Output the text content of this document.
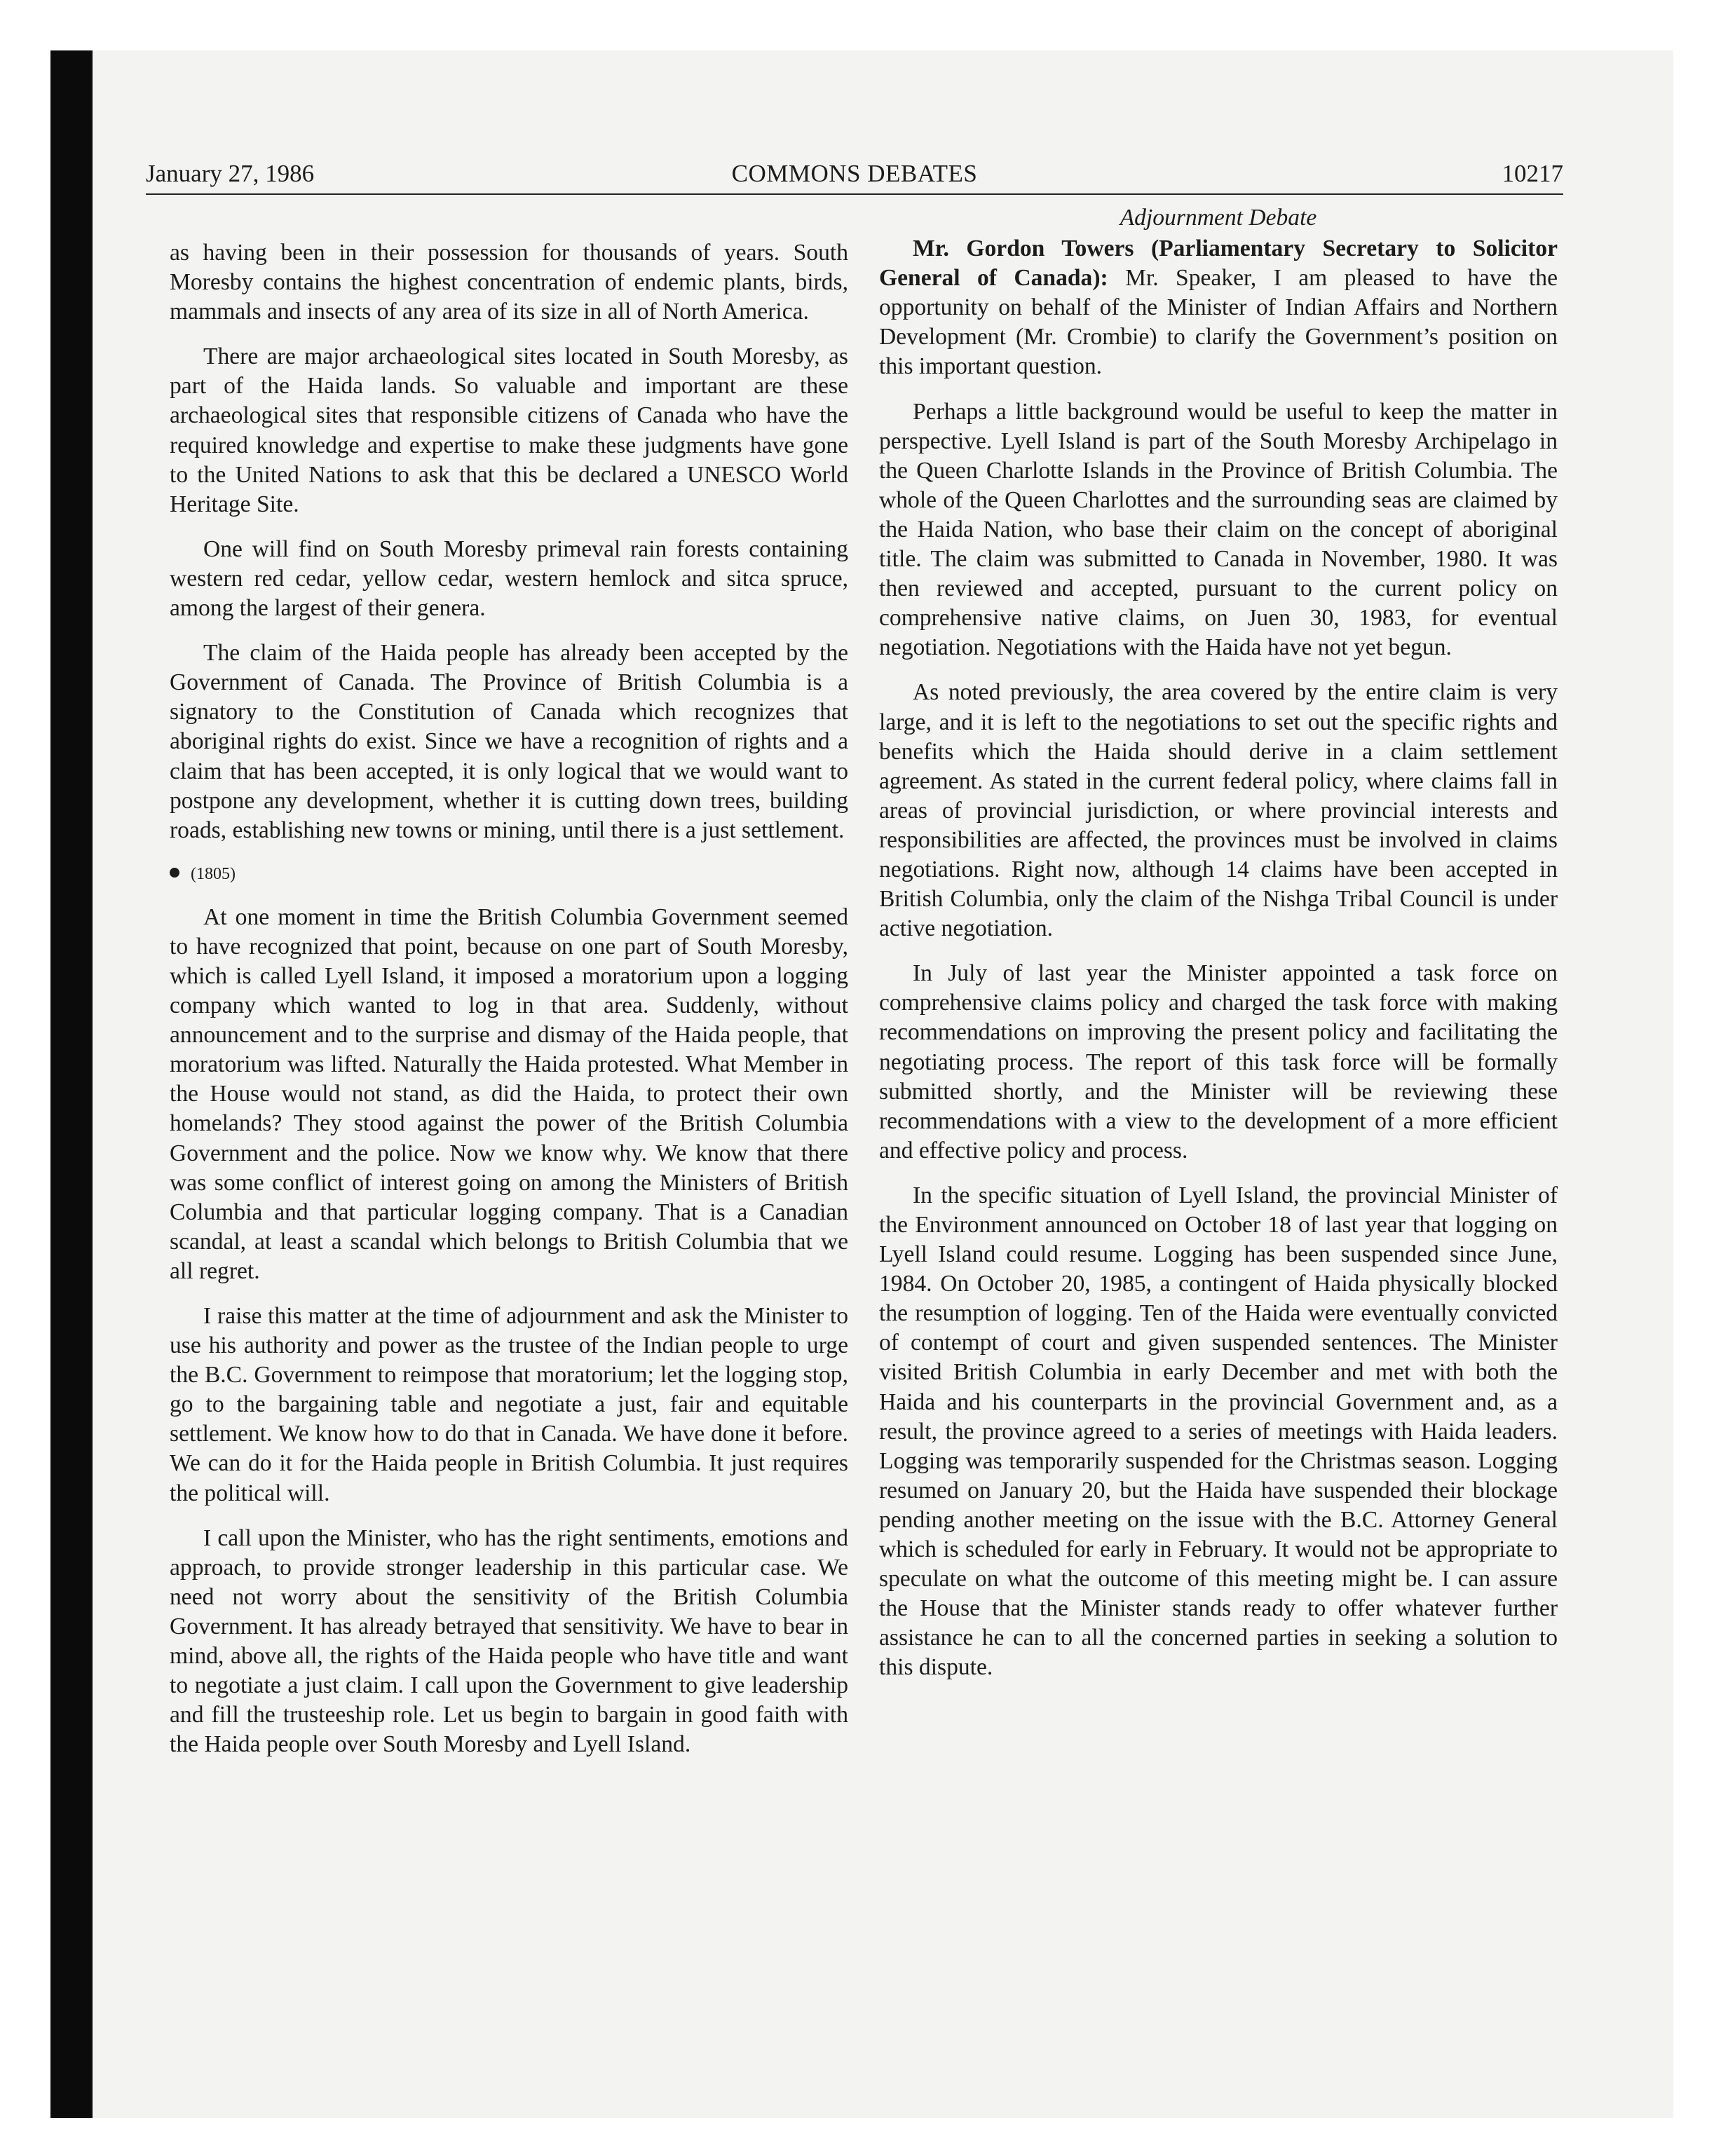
January 27, 1986	COMMONS DEBATES	10217

as having been in their possession for thousands of years. South Moresby contains the highest concentration of endemic plants, birds, mammals and insects of any area of its size in all of North America.

There are major archaeological sites located in South Moresby, as part of the Haida lands. So valuable and important are these archaeological sites that responsible citizens of Canada who have the required knowledge and expertise to make these judgments have gone to the United Nations to ask that this be declared a UNESCO World Heritage Site.

One will find on South Moresby primeval rain forests containing western red cedar, yellow cedar, western hemlock and sitca spruce, among the largest of their genera.

The claim of the Haida people has already been accepted by the Government of Canada. The Province of British Columbia is a signatory to the Constitution of Canada which recognizes that aboriginal rights do exist. Since we have a recognition of rights and a claim that has been accepted, it is only logical that we would want to postpone any development, whether it is cutting down trees, building roads, establishing new towns or mining, until there is a just settlement.

(1805)

At one moment in time the British Columbia Government seemed to have recognized that point, because on one part of South Moresby, which is called Lyell Island, it imposed a moratorium upon a logging company which wanted to log in that area. Suddenly, without announcement and to the surprise and dismay of the Haida people, that moratorium was lifted. Naturally the Haida protested. What Member in the House would not stand, as did the Haida, to protect their own homelands? They stood against the power of the British Columbia Government and the police. Now we know why. We know that there was some conflict of interest going on among the Ministers of British Columbia and that particular logging company. That is a Canadian scandal, at least a scandal which belongs to British Columbia that we all regret.

I raise this matter at the time of adjournment and ask the Minister to use his authority and power as the trustee of the Indian people to urge the B.C. Government to reimpose that moratorium; let the logging stop, go to the bargaining table and negotiate a just, fair and equitable settlement. We know how to do that in Canada. We have done it before. We can do it for the Haida people in British Columbia. It just requires the political will.

I call upon the Minister, who has the right sentiments, emotions and approach, to provide stronger leadership in this particular case. We need not worry about the sensitivity of the British Columbia Government. It has already betrayed that sensitivity. We have to bear in mind, above all, the rights of the Haida people who have title and want to negotiate a just claim. I call upon the Government to give leadership and fill the trusteeship role. Let us begin to bargain in good faith with the Haida people over South Moresby and Lyell Island.

Adjournment Debate

Mr. Gordon Towers (Parliamentary Secretary to Solicitor General of Canada): Mr. Speaker, I am pleased to have the opportunity on behalf of the Minister of Indian Affairs and Northern Development (Mr. Crombie) to clarify the Government’s position on this important question.

Perhaps a little background would be useful to keep the matter in perspective. Lyell Island is part of the South Moresby Archipelago in the Queen Charlotte Islands in the Province of British Columbia. The whole of the Queen Charlottes and the surrounding seas are claimed by the Haida Nation, who base their claim on the concept of aboriginal title. The claim was submitted to Canada in November, 1980. It was then reviewed and accepted, pursuant to the current policy on comprehensive native claims, on Juen 30, 1983, for eventual negotiation. Negotiations with the Haida have not yet begun.

As noted previously, the area covered by the entire claim is very large, and it is left to the negotiations to set out the specific rights and benefits which the Haida should derive in a claim settlement agreement. As stated in the current federal policy, where claims fall in areas of provincial jurisdiction, or where provincial interests and responsibilities are affected, the provinces must be involved in claims negotiations. Right now, although 14 claims have been accepted in British Columbia, only the claim of the Nishga Tribal Council is under active negotiation.

In July of last year the Minister appointed a task force on comprehensive claims policy and charged the task force with making recommendations on improving the present policy and facilitating the negotiating process. The report of this task force will be formally submitted shortly, and the Minister will be reviewing these recommendations with a view to the development of a more efficient and effective policy and process.

In the specific situation of Lyell Island, the provincial Minister of the Environment announced on October 18 of last year that logging on Lyell Island could resume. Logging has been suspended since June, 1984. On October 20, 1985, a contingent of Haida physically blocked the resumption of logging. Ten of the Haida were eventually convicted of contempt of court and given suspended sentences. The Minister visited British Columbia in early December and met with both the Haida and his counterparts in the provincial Government and, as a result, the province agreed to a series of meetings with Haida leaders. Logging was temporarily suspended for the Christmas season. Logging resumed on January 20, but the Haida have suspended their blockage pending another meeting on the issue with the B.C. Attorney General which is scheduled for early in February. It would not be appropriate to speculate on what the outcome of this meeting might be. I can assure the House that the Minister stands ready to offer whatever further assistance he can to all the concerned parties in seeking a solution to this dispute.
